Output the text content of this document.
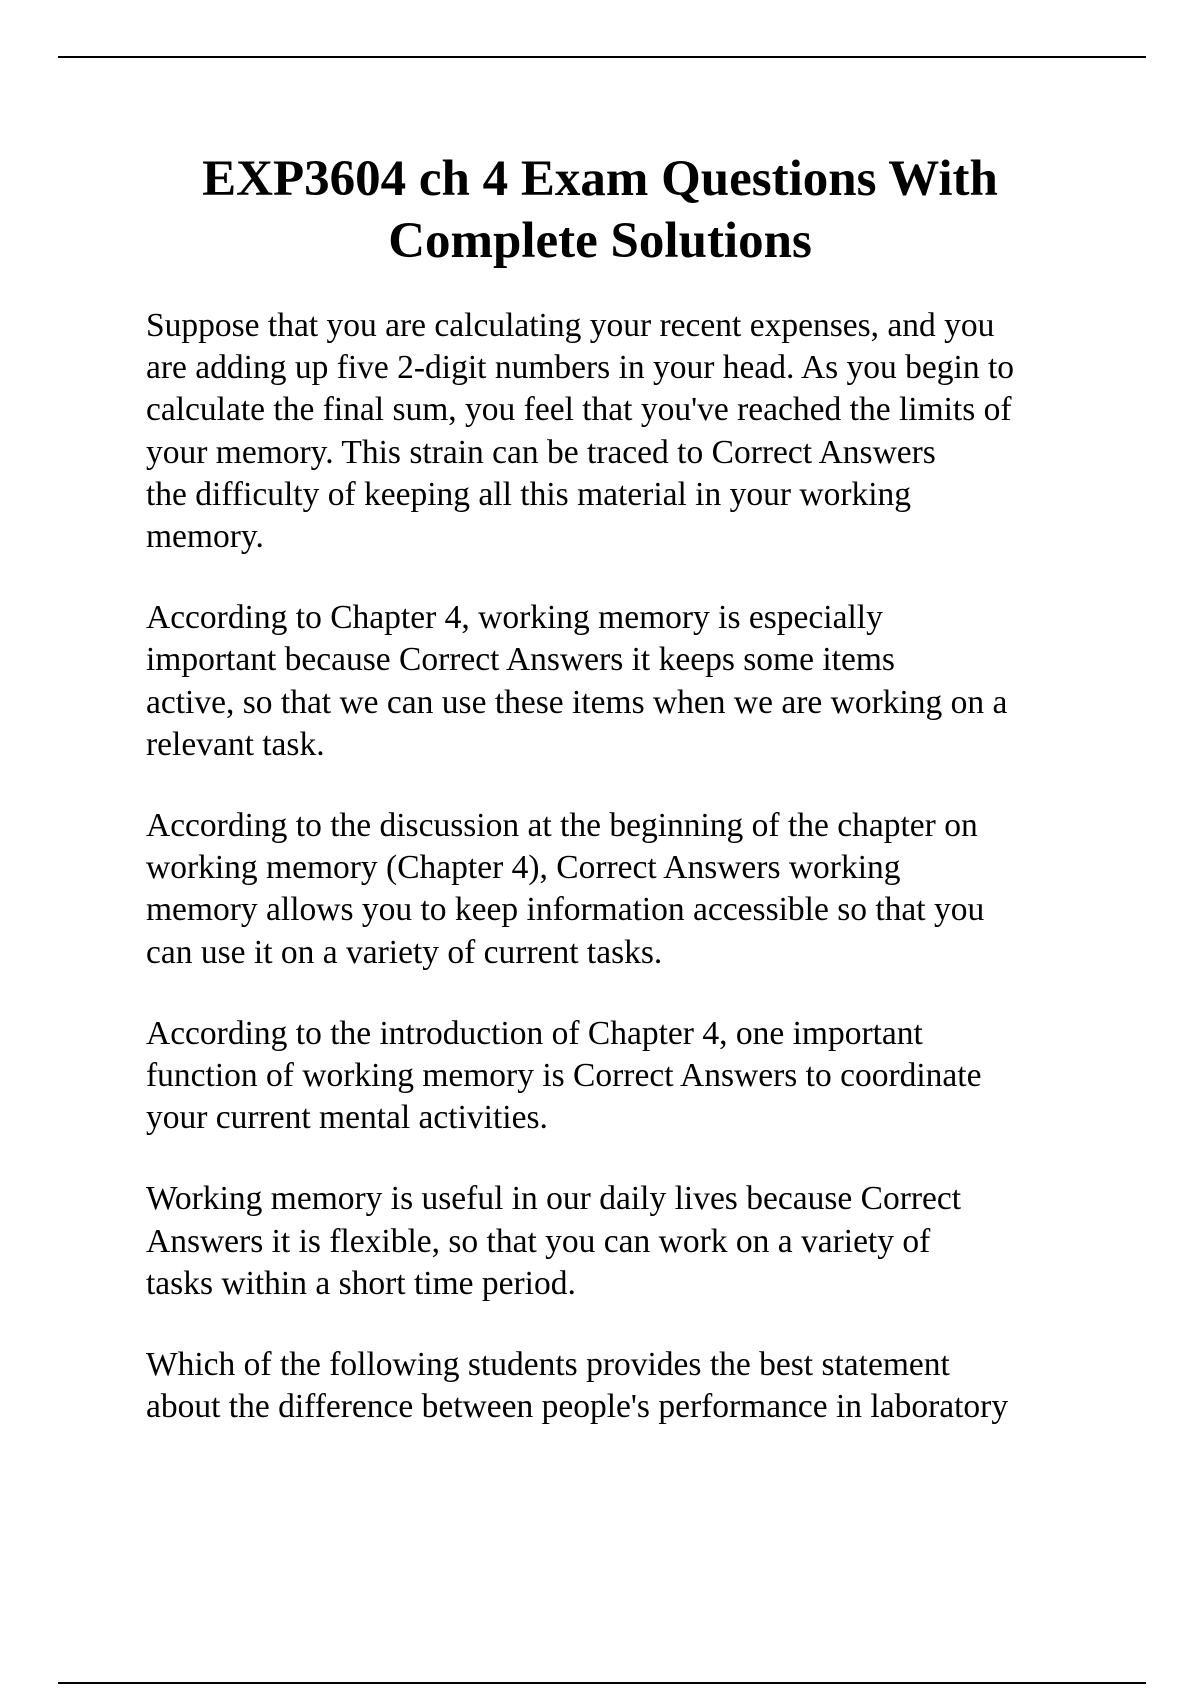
EXP3604 ch 4 Exam Questions With Complete Solutions

Suppose that you are calculating your recent expenses, and you
are adding up five 2-digit numbers in your head. As you begin to
calculate the final sum, you feel that you've reached the limits of
your memory. This strain can be traced to Correct Answers
the difficulty of keeping all this material in your working
memory.

According to Chapter 4, working memory is especially
important because Correct Answers it keeps some items
active, so that we can use these items when we are working on a
relevant task.

According to the discussion at the beginning of the chapter on
working memory (Chapter 4), Correct Answers working
memory allows you to keep information accessible so that you
can use it on a variety of current tasks.

According to the introduction of Chapter 4, one important
function of working memory is Correct Answers to coordinate
your current mental activities.

Working memory is useful in our daily lives because Correct
Answers it is flexible, so that you can work on a variety of
tasks within a short time period.

Which of the following students provides the best statement
about the difference between people's performance in laboratory
